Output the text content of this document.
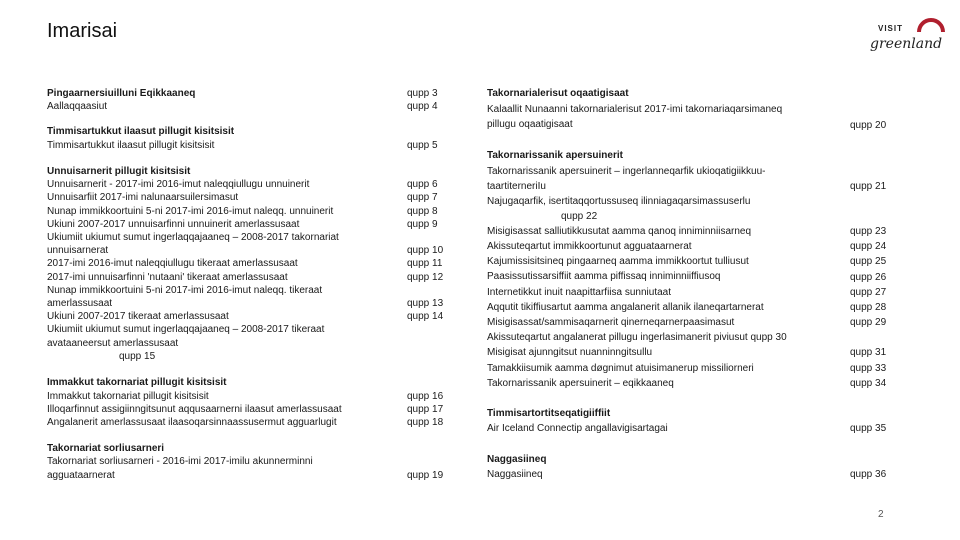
Imarisai	VISIT
greenland
Pingaarnersiuilluni Eqikkaaneq
Aallaqqaasiut
Timmisartukkut ilaasut pillugit kisitsisit
Timmisartukkut ilaasut pillugit kisitsisit
Unnuisarnerit pillugit kisitsisit
Unnuisarnerit - 2017-imi 2016-imut naleqqiullugu unnuinerit
Unnuisarfiit 2017-imi nalunaarsuilersimasut
Nunap immikkoortuini 5-ni 2017-imi 2016-imut naleqq. unnuinerit
Ukiuni 2007-2017 unnuisarfinni unnuinerit amerlassusaat
Ukiumiit ukiumut sumut ingerlaqqajaaneq – 2008-2017 takornariat
unnuisarnerat
2017-imi 2016-imut naleqqiullugu tikeraat amerlassusaat
2017-imi unnuisarfinni 'nutaani' tikeraat amerlassusaat
Nunap immikkoortuini 5-ni 2017-imi 2016-imut naleqq. tikeraat
amerlassusaat
Ukiuni 2007-2017 tikeraat amerlassusaat
Ukiumiit ukiumut sumut ingerlaqqajaaneq – 2008-2017 tikeraat
avataaneersut amerlassusaat
qupp 15
Immakkut takornariat pillugit kisitsisit
Immakkut takornariat pillugit kisitsisit
Illoqarfinnut assigiinngitsunut aqqusaarnerni ilaasut amerlassusaat
Angalanerit amerlassusaat ilaasoqarsinnaassusermut agguarlugit
Takornariat sorliusarneri
Takornariat sorliusarneri - 2016-imi 2017-imilu akunnerminni
agguataarnerat
qupp 3
qupp 4
qupp 5
qupp 6
qupp 7
qupp 8
qupp 9
qupp 10
qupp 11
qupp 12
qupp 13
qupp 14
qupp 16
qupp 17
qupp 18
qupp 19
Takornarialerisut oqaatigisaat
Kalaallit Nunaanni takornarialerisut 2017-imi takornariaqarsimaneq
pillugu oqaatigisaat
Takornarissanik apersuinerit
Takornarissanik apersuinerit – ingerlanneqarfik ukioqatigiikkuu-
taartiterneriIu
Najugaqarfik, isertitaqqortussuseq ilinniagaqarsimassuserlu
qupp 22
Misigisassat salliutikkusutat aamma qanoq inniminniisarneq
Akissuteqartut immikkoortunut agguataarnerat
Kajumissisitsineq pingaarneq aamma immikkoortut tulliusut
Paasissutissarsiffiit aamma piffissaq inniminniiffiusoq
Internetikkut inuit naapittarfiisa sunniutaat
Aqqutit tikiffiusartut aamma angalanerit allanik ilaneqartarnerat
Misigisassat/sammisaqarnerit qinerneqarnerpaasimasut
Akissuteqartut angalanerat pillugu ingerlasimanerit piviusut qupp 30
Misigisat ajunngitsut nuanninngitsullu
Tamakkiisumik aamma døgnimut atuisimanerup missiliorneri
Takornarissanik apersuinerit – eqikkaaneq
Timmisartortitseqatigiiffiit
Air Iceland Connectip angallavigisartagai
Naggasiineq
Naggasiineq
qupp 20
qupp 21
qupp 23
qupp 24
qupp 25
qupp 26
qupp 27
qupp 28
qupp 29
qupp 31
qupp 33
qupp 34
qupp 35
qupp 36
2
